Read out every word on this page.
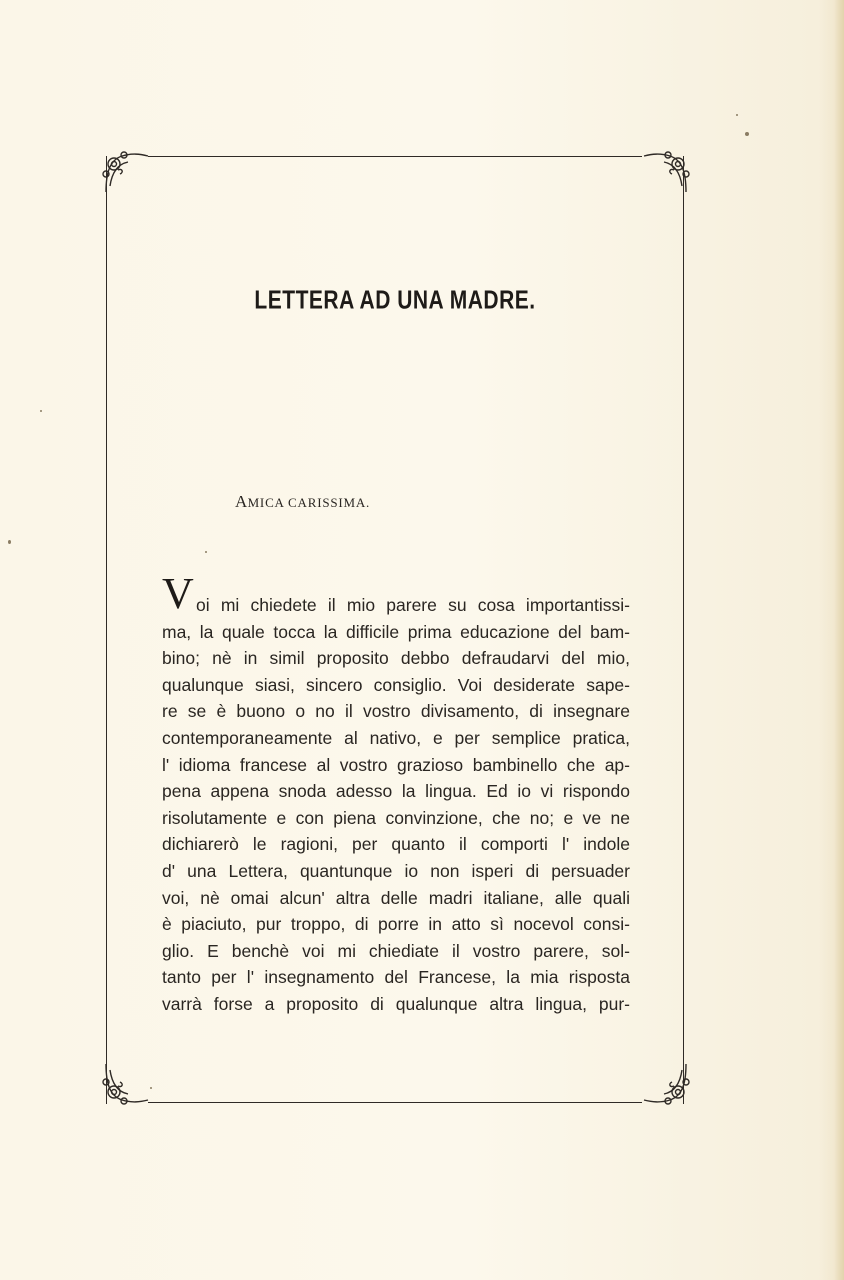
LETTERA AD UNA MADRE.
AMICA CARISSIMA.
V oi mi chiedete il mio parere su cosa importantissi-
ma, la quale tocca la difficile prima educazione del bam-
bino; nè in simil proposito debbo defraudarvi del mio,
qualunque siasi, sincero consiglio. Voi desiderate sape-
re se è buono o no il vostro divisamento, di insegnare
contemporaneamente al nativo, e per semplice pratica,
l' idioma francese al vostro grazioso bambinello che ap-
pena appena snoda adesso la lingua. Ed io vi rispondo
risolutamente e con piena convinzione, che no; e ve ne
dichiarerò le ragioni, per quanto il comporti l' indole
d' una Lettera, quantunque io non isperi di persuader
voi, nè omai alcun' altra delle madri italiane, alle quali
è piaciuto, pur troppo, di porre in atto sì nocevol consi-
glio. E benchè voi mi chiediate il vostro parere, sol-
tanto per l' insegnamento del Francese, la mia risposta
varrà forse a proposito di qualunque altra lingua, pur-
